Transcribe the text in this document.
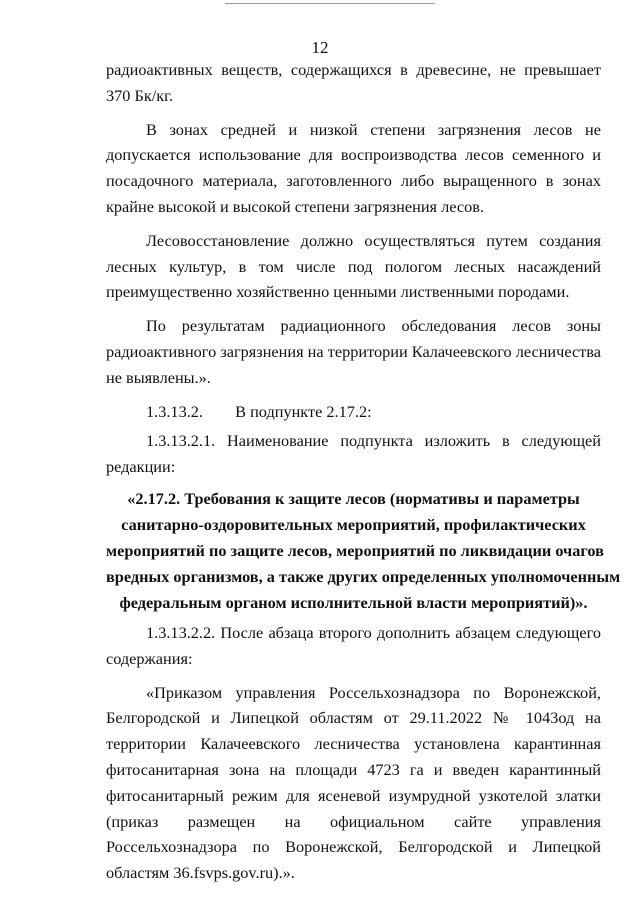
12

радиоактивных веществ, содержащихся в древесине, не превышает 370 Бк/кг.

В зонах средней и низкой степени загрязнения лесов не допускается использование для воспроизводства лесов семенного и посадочного материала, заготовленного либо выращенного в зонах крайне высокой и высокой степени загрязнения лесов.

Лесовосстановление должно осуществляться путем создания лесных культур, в том числе под пологом лесных насаждений преимущественно хозяйственно ценными лиственными породами.

По результатам радиационного обследования лесов зоны радиоактивного загрязнения на территории Калачеевского лесничества не выявлены.».

1.3.13.2. В подпункте 2.17.2:
1.3.13.2.1. Наименование подпункта изложить в следующей
редакции:
«2.17.2. Требования к защите лесов (нормативы и параметры
санитарно-оздоровительных мероприятий, профилактических
мероприятий по защите лесов, мероприятий по ликвидации очагов
вредных организмов, а также других определенных уполномоченным
федеральным органом исполнительной власти мероприятий)».

1.3.13.2.2. После абзаца второго дополнить абзацем следующего содержания:

«Приказом управления Россельхознадзора по Воронежской, Белгородской и Липецкой областям от 29.11.2022 № 1043од на территории Калачеевского лесничества установлена карантинная фитосанитарная зона на площади 4723 га и введен карантинный фитосанитарный режим для ясеневой изумрудной узкотелой златки (приказ размещен на официальном сайте управления Россельхознадзора по Воронежской, Белгородской и Липецкой областям 36.fsvps.gov.ru).».
